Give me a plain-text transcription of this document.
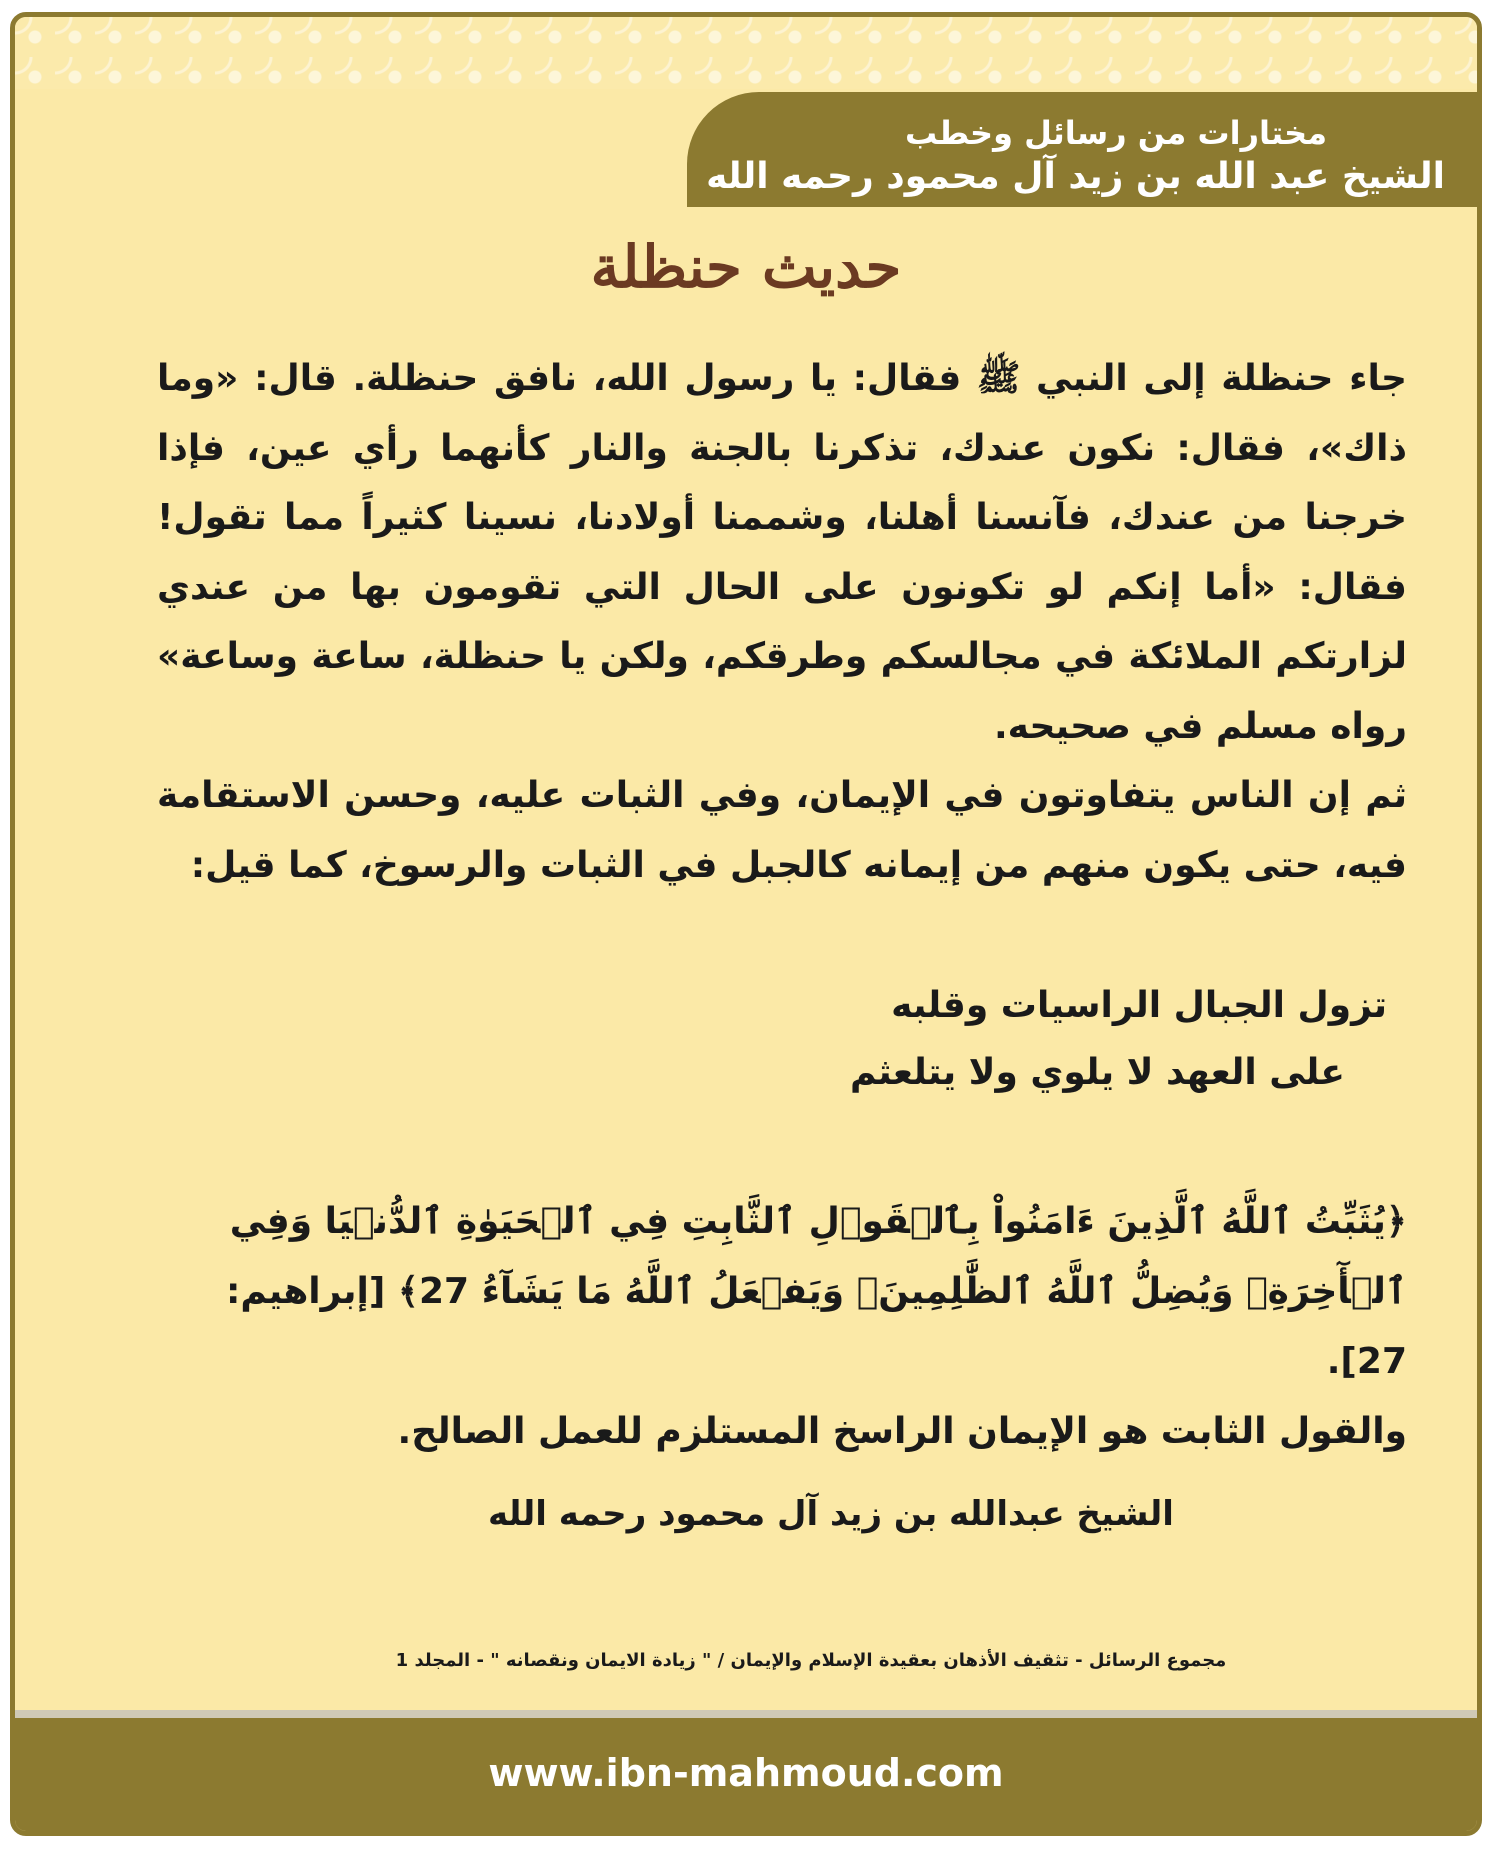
مختارات من رسائل وخطب
الشيخ عبد الله بن زيد آل محمود رحمه الله
حديث حنظلة

جاء حنظلة إلى النبي ﷺ فقال: يا رسول الله، نافق حنظلة. قال: «وما ذاك»، فقال: نكون عندك، تذكرنا بالجنة والنار كأنهما رأي عين، فإذا خرجنا من عندك، فآنسنا أهلنا، وشممنا أولادنا، نسينا كثيراً مما تقول! فقال: «أما إنكم لو تكونون على الحال التي تقومون بها من عندي لزارتكم الملائكة في مجالسكم وطرقكم، ولكن يا حنظلة، ساعة وساعة» رواه مسلم في صحيحه.

ثم إن الناس يتفاوتون في الإيمان، وفي الثبات عليه، وحسن الاستقامة فيه، حتى يكون منهم من إيمانه كالجبل في الثبات والرسوخ، كما قيل:

تزول الجبال الراسيات وقلبه
على العهد لا يلوي ولا يتلعثم

﴿يُثَبِّتُ ٱللَّهُ ٱلَّذِينَ ءَامَنُواْ بِٱلۡقَوۡلِ ٱلثَّابِتِ فِي ٱلۡحَيَوٰةِ ٱلدُّنۡيَا وَفِي ٱلۡأٓخِرَةِۖ وَيُضِلُّ ٱللَّهُ ٱلظَّٰلِمِينَۚ وَيَفۡعَلُ ٱللَّهُ مَا يَشَآءُ 27﴾ [إبراهيم: 27].

والقول الثابت هو الإيمان الراسخ المستلزم للعمل الصالح.

الشيخ عبدالله بن زيد آل محمود رحمه الله
مجموع الرسائل - تثقيف الأذهان بعقيدة الإسلام والإيمان / " زيادة الايمان ونقصانه " - المجلد 1
www.ibn-mahmoud.com
